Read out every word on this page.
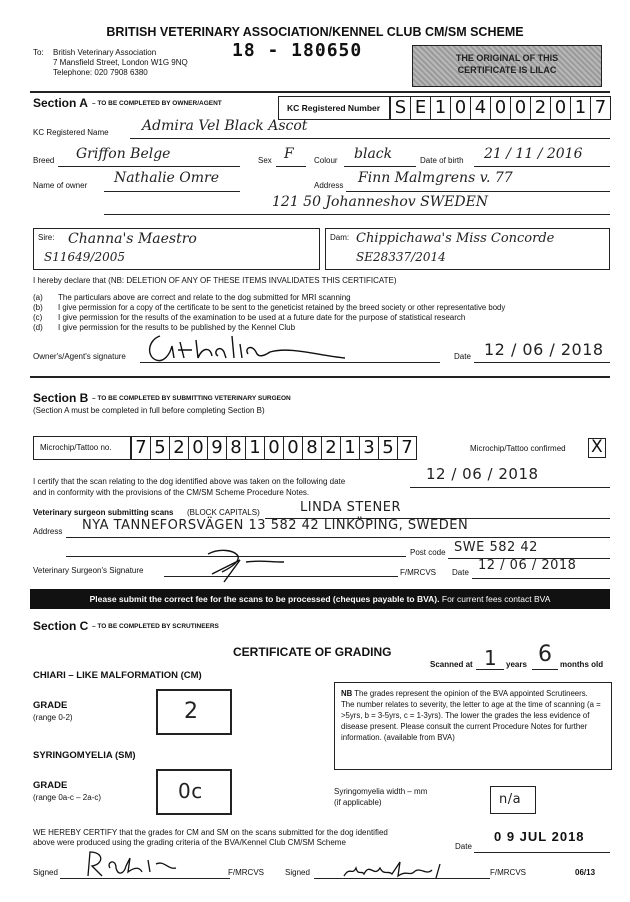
BRITISH VETERINARY ASSOCIATION/KENNEL CLUB CM/SM SCHEME
To: British Veterinary Association
7 Mansfield Street, London W1G 9NQ
Telephone: 020 7908 6380
18 - 180650	THE ORIGINAL OF THIS CERTIFICATE IS LILAC
Section A – TO BE COMPLETED BY OWNER/AGENT	KC Registered Number S E 1 0 4 0 0 2 0 1 7
KC Registered Name Admira Vel Black Ascot
Breed Griffon Belge	Sex F	Colour black	Date of birth 21 / 11 / 2016
Name of owner Nathalie Omre	Address Finn Malmgrens v. 77
121 50 Johanneshov SWEDEN
Sire: Channa's Maestro
S11649/2005
Dam: Chippichawa's Miss Concorde
SE28337/2014
I hereby declare that (NB: DELETION OF ANY OF THESE ITEMS INVALIDATES THIS CERTIFICATE)
(a) The particulars above are correct and relate to the dog submitted for MRI scanning
(b) I give permission for a copy of the certificate to be sent to the geneticist retained by the breed society or other representative body
(c) I give permission for the results of the examination to be used at a future date for the purpose of statistical research
(d) I give permission for the results to be published by the Kennel Club
Owner's/Agent's signature	Date 12 / 06 / 2018
Section B – TO BE COMPLETED BY SUBMITTING VETERINARY SURGEON
(Section A must be completed in full before completing Section B)
Microchip/Tattoo no. 7 5 2 0 9 8 1 0 0 8 2 1 3 5 7	Microchip/Tattoo confirmed X
I certify that the scan relating to the dog identified above was taken on the following date
and in conformity with the provisions of the CM/SM Scheme Procedure Notes.
12 / 06 / 2018
Veterinary surgeon submitting scans (BLOCK CAPITALS)	LINDA STENER
Address NYA TANNEFORSVÄGEN 13 582 42 LINKÖPING, SWEDEN
Post code SWE 582 42
Veterinary Surgeon's Signature	F/MRCVS Date 12 / 06 / 2018
Please submit the correct fee for the scans to be processed (cheques payable to BVA). For current fees contact BVA
Section C – TO BE COMPLETED BY SCRUTINEERS
CERTIFICATE OF GRADING
Scanned at 1 years 6 months old
CHIARI – LIKE MALFORMATION (CM)
GRADE
(range 0-2)	2
SYRINGOMYELIA (SM)
GRADE
(range 0a-c – 2a-c)	0c
NB The grades represent the opinion of the BVA appointed Scrutineers. The number relates to severity, the letter to age at the time of scanning (a = >5yrs, b = 3-5yrs, c = 1-3yrs). The lower the grades the less evidence of disease present. Please consult the current Procedure Notes for further information. (available from BVA)
Syringomyelia width – mm
(if applicable)	n/a
WE HEREBY CERTIFY that the grades for CM and SM on the scans submitted for the dog identified
above were produced using the grading criteria of the BVA/Kennel Club CM/SM Scheme	Date
0 9 JUL 2018
Signed	F/MRCVS	Signed	F/MRCVS	06/13
